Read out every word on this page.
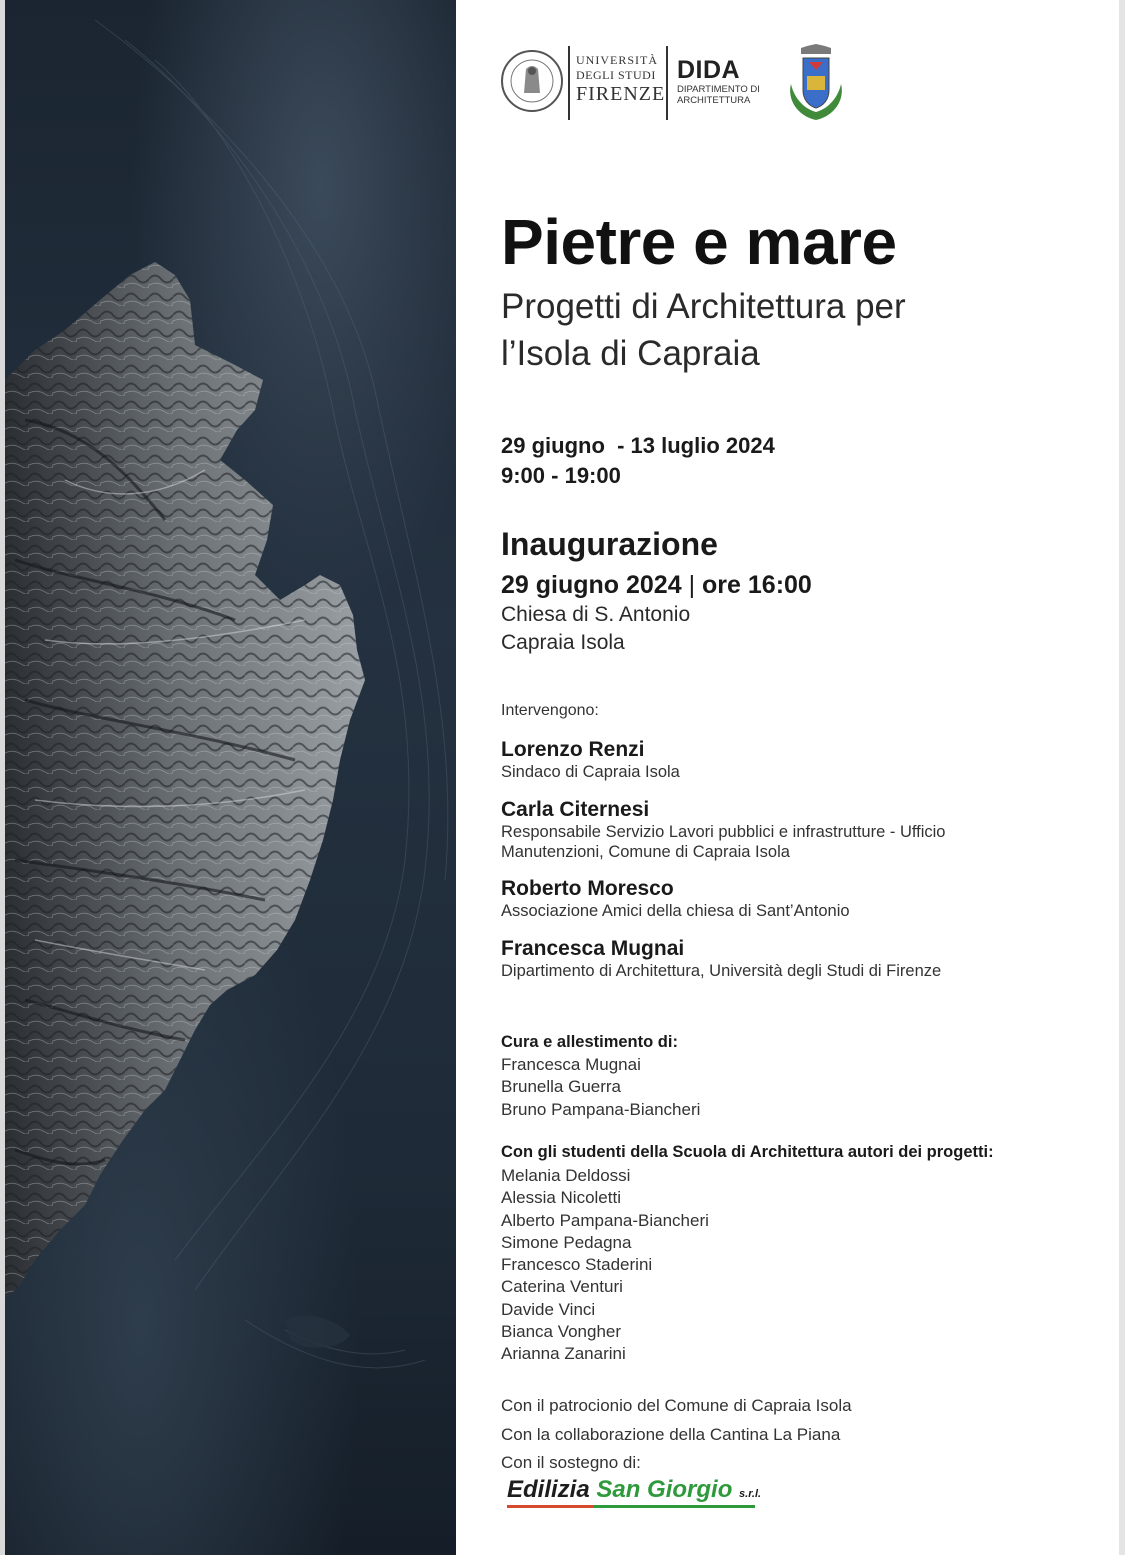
UNIVERSITÀ
DEGLI STUDI
FIRENZE
DIDA
DIPARTIMENTO DI
ARCHITETTURA
Pietre e mare
Progetti di Architettura per
l’Isola di Capraia
29 giugno  - 13 luglio 2024
9:00 - 19:00
Inaugurazione
29 giugno 2024 | ore 16:00
Chiesa di S. Antonio
Capraia Isola
Intervengono:
Lorenzo Renzi
Sindaco di Capraia Isola
Carla Citernesi
Responsabile Servizio Lavori pubblici e infrastrutture - Ufficio
Manutenzioni, Comune di Capraia Isola
Roberto Moresco
Associazione Amici della chiesa di Sant’Antonio
Francesca Mugnai
Dipartimento di Architettura, Università degli Studi di Firenze
Cura e allestimento di:
Francesca Mugnai
Brunella Guerra
Bruno Pampana-Biancheri
Con gli studenti della Scuola di Architettura autori dei progetti:
Melania Deldossi
Alessia Nicoletti
Alberto Pampana-Biancheri
Simone Pedagna
Francesco Staderini
Caterina Venturi
Davide Vinci
Bianca Vongher
Arianna Zanarini
Con il patrocionio del Comune di Capraia Isola
Con la collaborazione della Cantina La Piana
Con il sostegno di:
Edilizia San Giorgio s.r.l.
